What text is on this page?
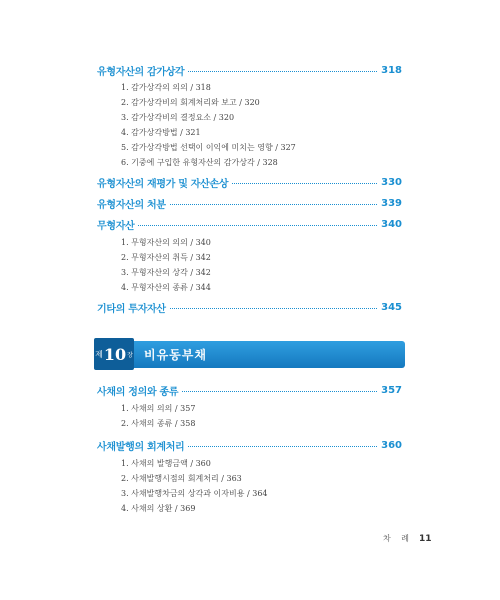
유형자산의 감가상각	318
1. 감가상각의 의의 / 318
2. 감가상각비의 회계처리와 보고 / 320
3. 감가상각비의 결정요소 / 320
4. 감가상각방법 / 321
5. 감가상각방법 선택이 이익에 미치는 영향 / 327
6. 기중에 구입한 유형자산의 감가상각 / 328
유형자산의 재평가 및 자산손상	330
유형자산의 처분	339
무형자산	340
1. 무형자산의 의의 / 340
2. 무형자산의 취득 / 342
3. 무형자산의 상각 / 342
4. 무형자산의 종류 / 344
기타의 투자자산	345
제 10 장 비유동부채
사채의 정의와 종류	357
1. 사채의 의의 / 357
2. 사채의 종류 / 358
사채발행의 회계처리	360
1. 사채의 발행금액 / 360
2. 사채발행시점의 회계처리 / 363
3. 사채발행차금의 상각과 이자비용 / 364
4. 사채의 상환 / 369
차 례 11
